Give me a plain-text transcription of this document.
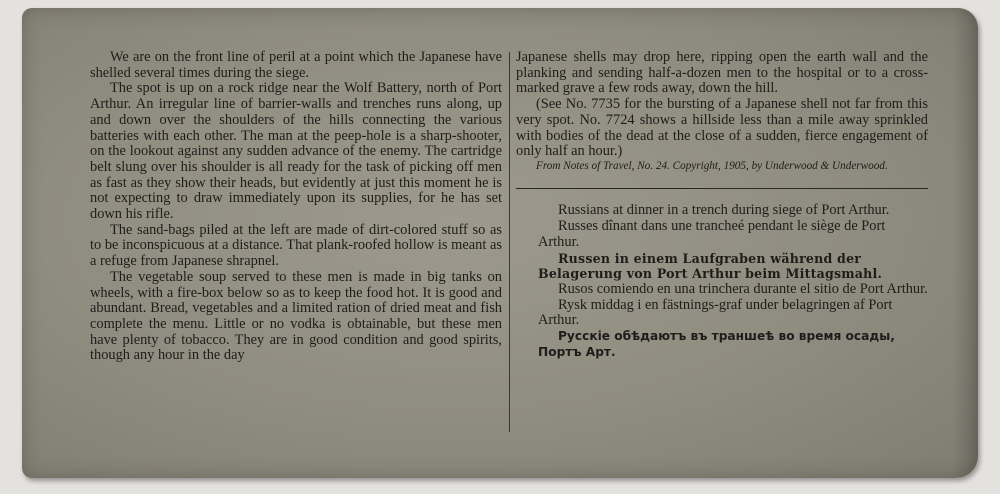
We are on the front line of peril at a point which the Japanese have shelled several times during the siege.

The spot is up on a rock ridge near the Wolf Battery, north of Port Arthur. An irregular line of barrier-walls and trenches runs along, up and down over the shoulders of the hills connecting the various batteries with each other. The man at the peep-hole is a sharp-shooter, on the lookout against any sudden advance of the enemy. The cartridge belt slung over his shoulder is all ready for the task of picking off men as fast as they show their heads, but evidently at just this moment he is not expecting to draw immediately upon its supplies, for he has set down his rifle.

The sand-bags piled at the left are made of dirt-colored stuff so as to be inconspicuous at a distance. That plank-roofed hollow is meant as a refuge from Japanese shrapnel.

The vegetable soup served to these men is made in big tanks on wheels, with a fire-box below so as to keep the food hot. It is good and abundant. Bread, vegetables and a limited ration of dried meat and fish complete the menu. Little or no vodka is obtainable, but these men have plenty of tobacco. They are in good condition and good spirits, though any hour in the day

Japanese shells may drop here, ripping open the earth wall and the planking and sending half-a-dozen men to the hospital or to a cross-marked grave a few rods away, down the hill.

(See No. 7735 for the bursting of a Japanese shell not far from this very spot. No. 7724 shows a hillside less than a mile away sprinkled with bodies of the dead at the close of a sudden, fierce engagement of only half an hour.)

From Notes of Travel, No. 24. Copyright, 1905, by Underwood & Underwood.

Russians at dinner in a trench during siege of Port Arthur.

Russes dînant dans une trancheé pendant le siège de Port Arthur.

Russen in einem Laufgraben während der Belagerung von Port Arthur beim Mittagsmahl.

Rusos comiendo en una trinchera durante el sitio de Port Arthur.

Rysk middag i en fästnings-graf under belagringen af Port Arthur.

Русскіе обѣдаютъ въ траншеѣ во время осады, Портъ Арт.
